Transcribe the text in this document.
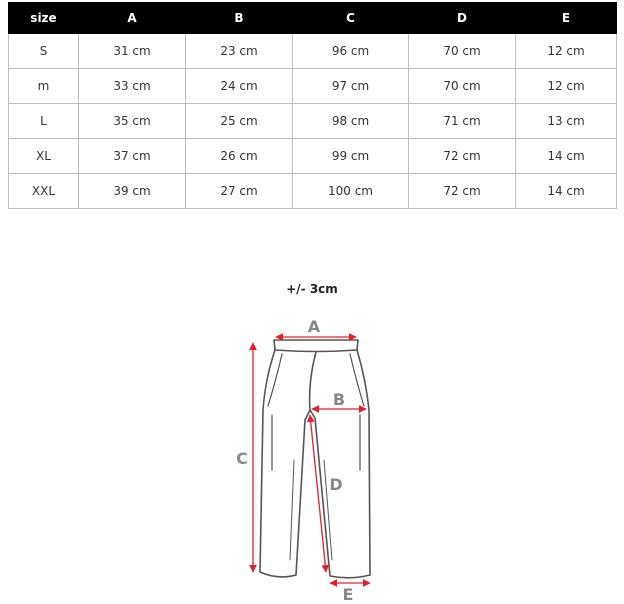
size	A	B	C	D	E
S	31 cm	23 cm	96 cm	70 cm	12 cm
m	33 cm	24 cm	97 cm	70 cm	12 cm
L	35 cm	25 cm	98 cm	71 cm	13 cm
XL	37 cm	26 cm	99 cm	72 cm	14 cm
XXL	39 cm	27 cm	100 cm	72 cm	14 cm
+/- 3cm
A
B
C
D
E
